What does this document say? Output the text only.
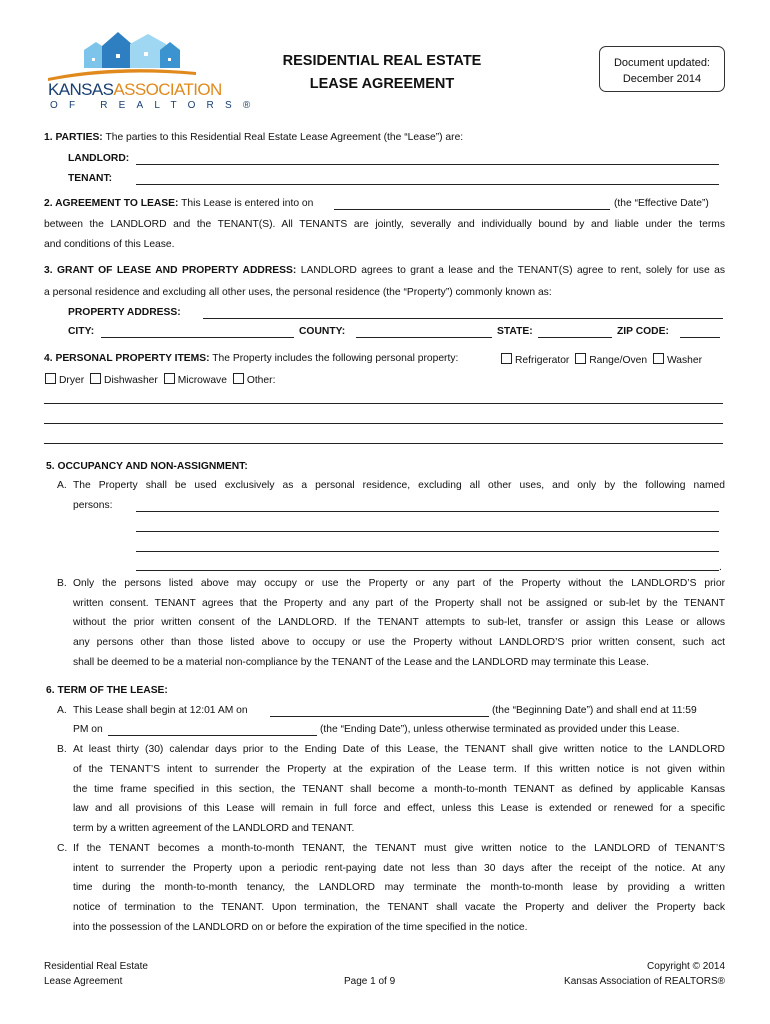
KANSASASSOCIATION
OF REALTORS®
RESIDENTIAL REAL ESTATE
LEASE AGREEMENT
Document updated:
December 2014
1. PARTIES: The parties to this Residential Real Estate Lease Agreement (the “Lease”) are:
LANDLORD:
TENANT:
2. AGREEMENT TO LEASE: This Lease is entered into on	(the “Effective Date”)
between the LANDLORD and the TENANT(S). All TENANTS are jointly, severally and individually bound by and liable under the terms
and conditions of this Lease.
3. GRANT OF LEASE AND PROPERTY ADDRESS: LANDLORD agrees to grant a lease and the TENANT(S) agree to rent, solely for use as
a personal residence and excluding all other uses, the personal residence (the “Property”) commonly known as:
PROPERTY ADDRESS:
CITY:	COUNTY:	STATE:	ZIP CODE:
4. PERSONAL PROPERTY ITEMS: The Property includes the following personal property:	Refrigerator Range/Oven Washer
Dryer Dishwasher Microwave Other:
5. OCCUPANCY AND NON-ASSIGNMENT:
A. The Property shall be used exclusively as a personal residence, excluding all other uses, and only by the following named
persons:
.
B. Only the persons listed above may occupy or use the Property or any part of the Property without the LANDLORD’S prior
written consent. TENANT agrees that the Property and any part of the Property shall not be assigned or sub-let by the TENANT
without the prior written consent of the LANDLORD. If the TENANT attempts to sub-let, transfer or assign this Lease or allows
any persons other than those listed above to occupy or use the Property without LANDLORD’S prior written consent, such act
shall be deemed to be a material non-compliance by the TENANT of the Lease and the LANDLORD may terminate this Lease.
6. TERM OF THE LEASE:
A. This Lease shall begin at 12:01 AM on	(the “Beginning Date”) and shall end at 11:59
PM on	(the “Ending Date”), unless otherwise terminated as provided under this Lease.
B. At least thirty (30) calendar days prior to the Ending Date of this Lease, the TENANT shall give written notice to the LANDLORD
of the TENANT’S intent to surrender the Property at the expiration of the Lease term. If this written notice is not given within
the time frame specified in this section, the TENANT shall become a month-to-month TENANT as defined by applicable Kansas
law and all provisions of this Lease will remain in full force and effect, unless this Lease is extended or renewed for a specific
term by a written agreement of the LANDLORD and TENANT.
C. If the TENANT becomes a month-to-month TENANT, the TENANT must give written notice to the LANDLORD of TENANT’S
intent to surrender the Property upon a periodic rent-paying date not less than 30 days after the receipt of the notice. At any
time during the month-to-month tenancy, the LANDLORD may terminate the month-to-month lease by providing a written
notice of termination to the TENANT. Upon termination, the TENANT shall vacate the Property and deliver the Property back
into the possession of the LANDLORD on or before the expiration of the time specified in the notice.
Residential Real Estate
Lease Agreement	Page 1 of 9
Copyright © 2014
Kansas Association of REALTORS®
